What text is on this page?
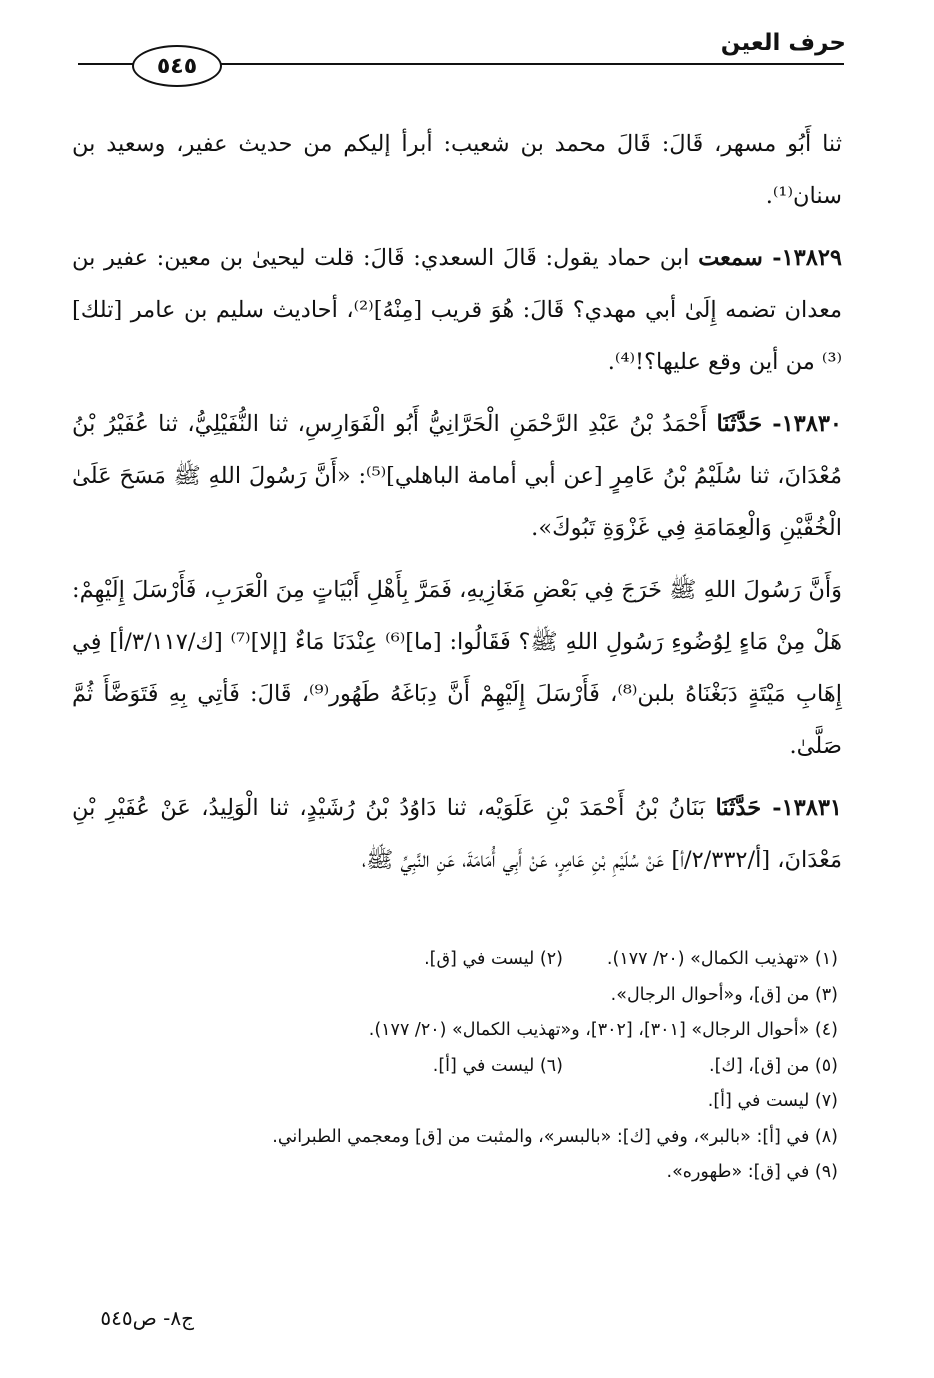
حرف العين
٥٤٥

ثنا أَبُو مسهر، قَالَ: قَالَ محمد بن شعيب: أبرأ إليكم من حديث عفير، وسعيد بن سنان⁽¹⁾.

١٣٨٢٩- سمعت ابن حماد يقول: قَالَ السعدي: قَالَ: قلت ليحيىٰ بن معين: عفير بن معدان تضمه إِلَىٰ أبي مهدي؟ قَالَ: هُوَ قريب [مِنْهُ]⁽²⁾، أحاديث سليم بن عامر [تلك]⁽³⁾ من أين وقع عليها؟!⁽⁴⁾.

١٣٨٣٠- حَدَّثَنَا أَحْمَدُ بْنُ عَبْدِ الرَّحْمَنِ الْحَرَّانِيُّ أَبُو الْفَوَارِسِ، ثنا النُّفَيْلِيُّ، ثنا عُفَيْرُ بْنُ مُعْدَانَ، ثنا سُلَيْمُ بْنُ عَامِرٍ [عن أبي أمامة الباهلي]⁽⁵⁾: «أَنَّ رَسُولَ اللهِ ﷺ مَسَحَ عَلَىٰ الْخُفَّيْنِ وَالْعِمَامَةِ فِي غَزْوَةِ تَبُوكَ».

وَأَنَّ رَسُولَ اللهِ ﷺ خَرَجَ فِي بَعْضِ مَغَازِيهِ، فَمَرَّ بِأَهْلِ أَبْيَاتٍ مِنَ الْعَرَبِ، فَأَرْسَلَ إِلَيْهِمْ: هَلْ مِنْ مَاءٍ لِوُضُوءِ رَسُولِ اللهِ ﷺ؟ فَقَالُوا: [ما]⁽⁶⁾ عِنْدَنَا مَاءٌ [إلا]⁽⁷⁾ [ك/٣/١١٧/أ] فِي إِهَابِ مَيْتَةٍ دَبَغْنَاهُ بلبن⁽⁸⁾، فَأَرْسَلَ إِلَيْهِمْ أَنَّ دِبَاغَهُ طَهُور⁽⁹⁾، قَالَ: فَأتِي بِهِ فَتَوَضَّأَ ثُمَّ صَلَّىٰ.

١٣٨٣١- حَدَّثَنَا بَنَانُ بْنُ أَحْمَدَ بْنِ عَلَوَيْه، ثنا دَاوُدُ بْنُ رُشَيْدٍ، ثنا الْوَلِيدُ، عَنْ عُفَيْرِ بْنِ مَعْدَانَ، [أ/٢/٣٣٢/أ] عَنْ سُلَيْمِ بْنِ عَامِرٍ، عَنْ أَبِي أُمَامَةَ، عَنِ النَّبِيِّ ﷺ،

(١) «تهذيب الكمال» (٢٠/ ١٧٧).
(٢) ليست في [ق].
(٣) من [ق]، و«أحوال الرجال».
(٤) «أحوال الرجال» [٣٠١]، [٣٠٢]، و«تهذيب الكمال» (٢٠/ ١٧٧).
(٥) من [ق]، [ك].
(٦) ليست في [أ].
(٧) ليست في [أ].
(٨) في [أ]: «بالبر»، وفي [ك]: «بالبسر»، والمثبت من [ق] ومعجمي الطبراني.
(٩) في [ق]: «طهوره».
ج٨- ص٥٤٥
